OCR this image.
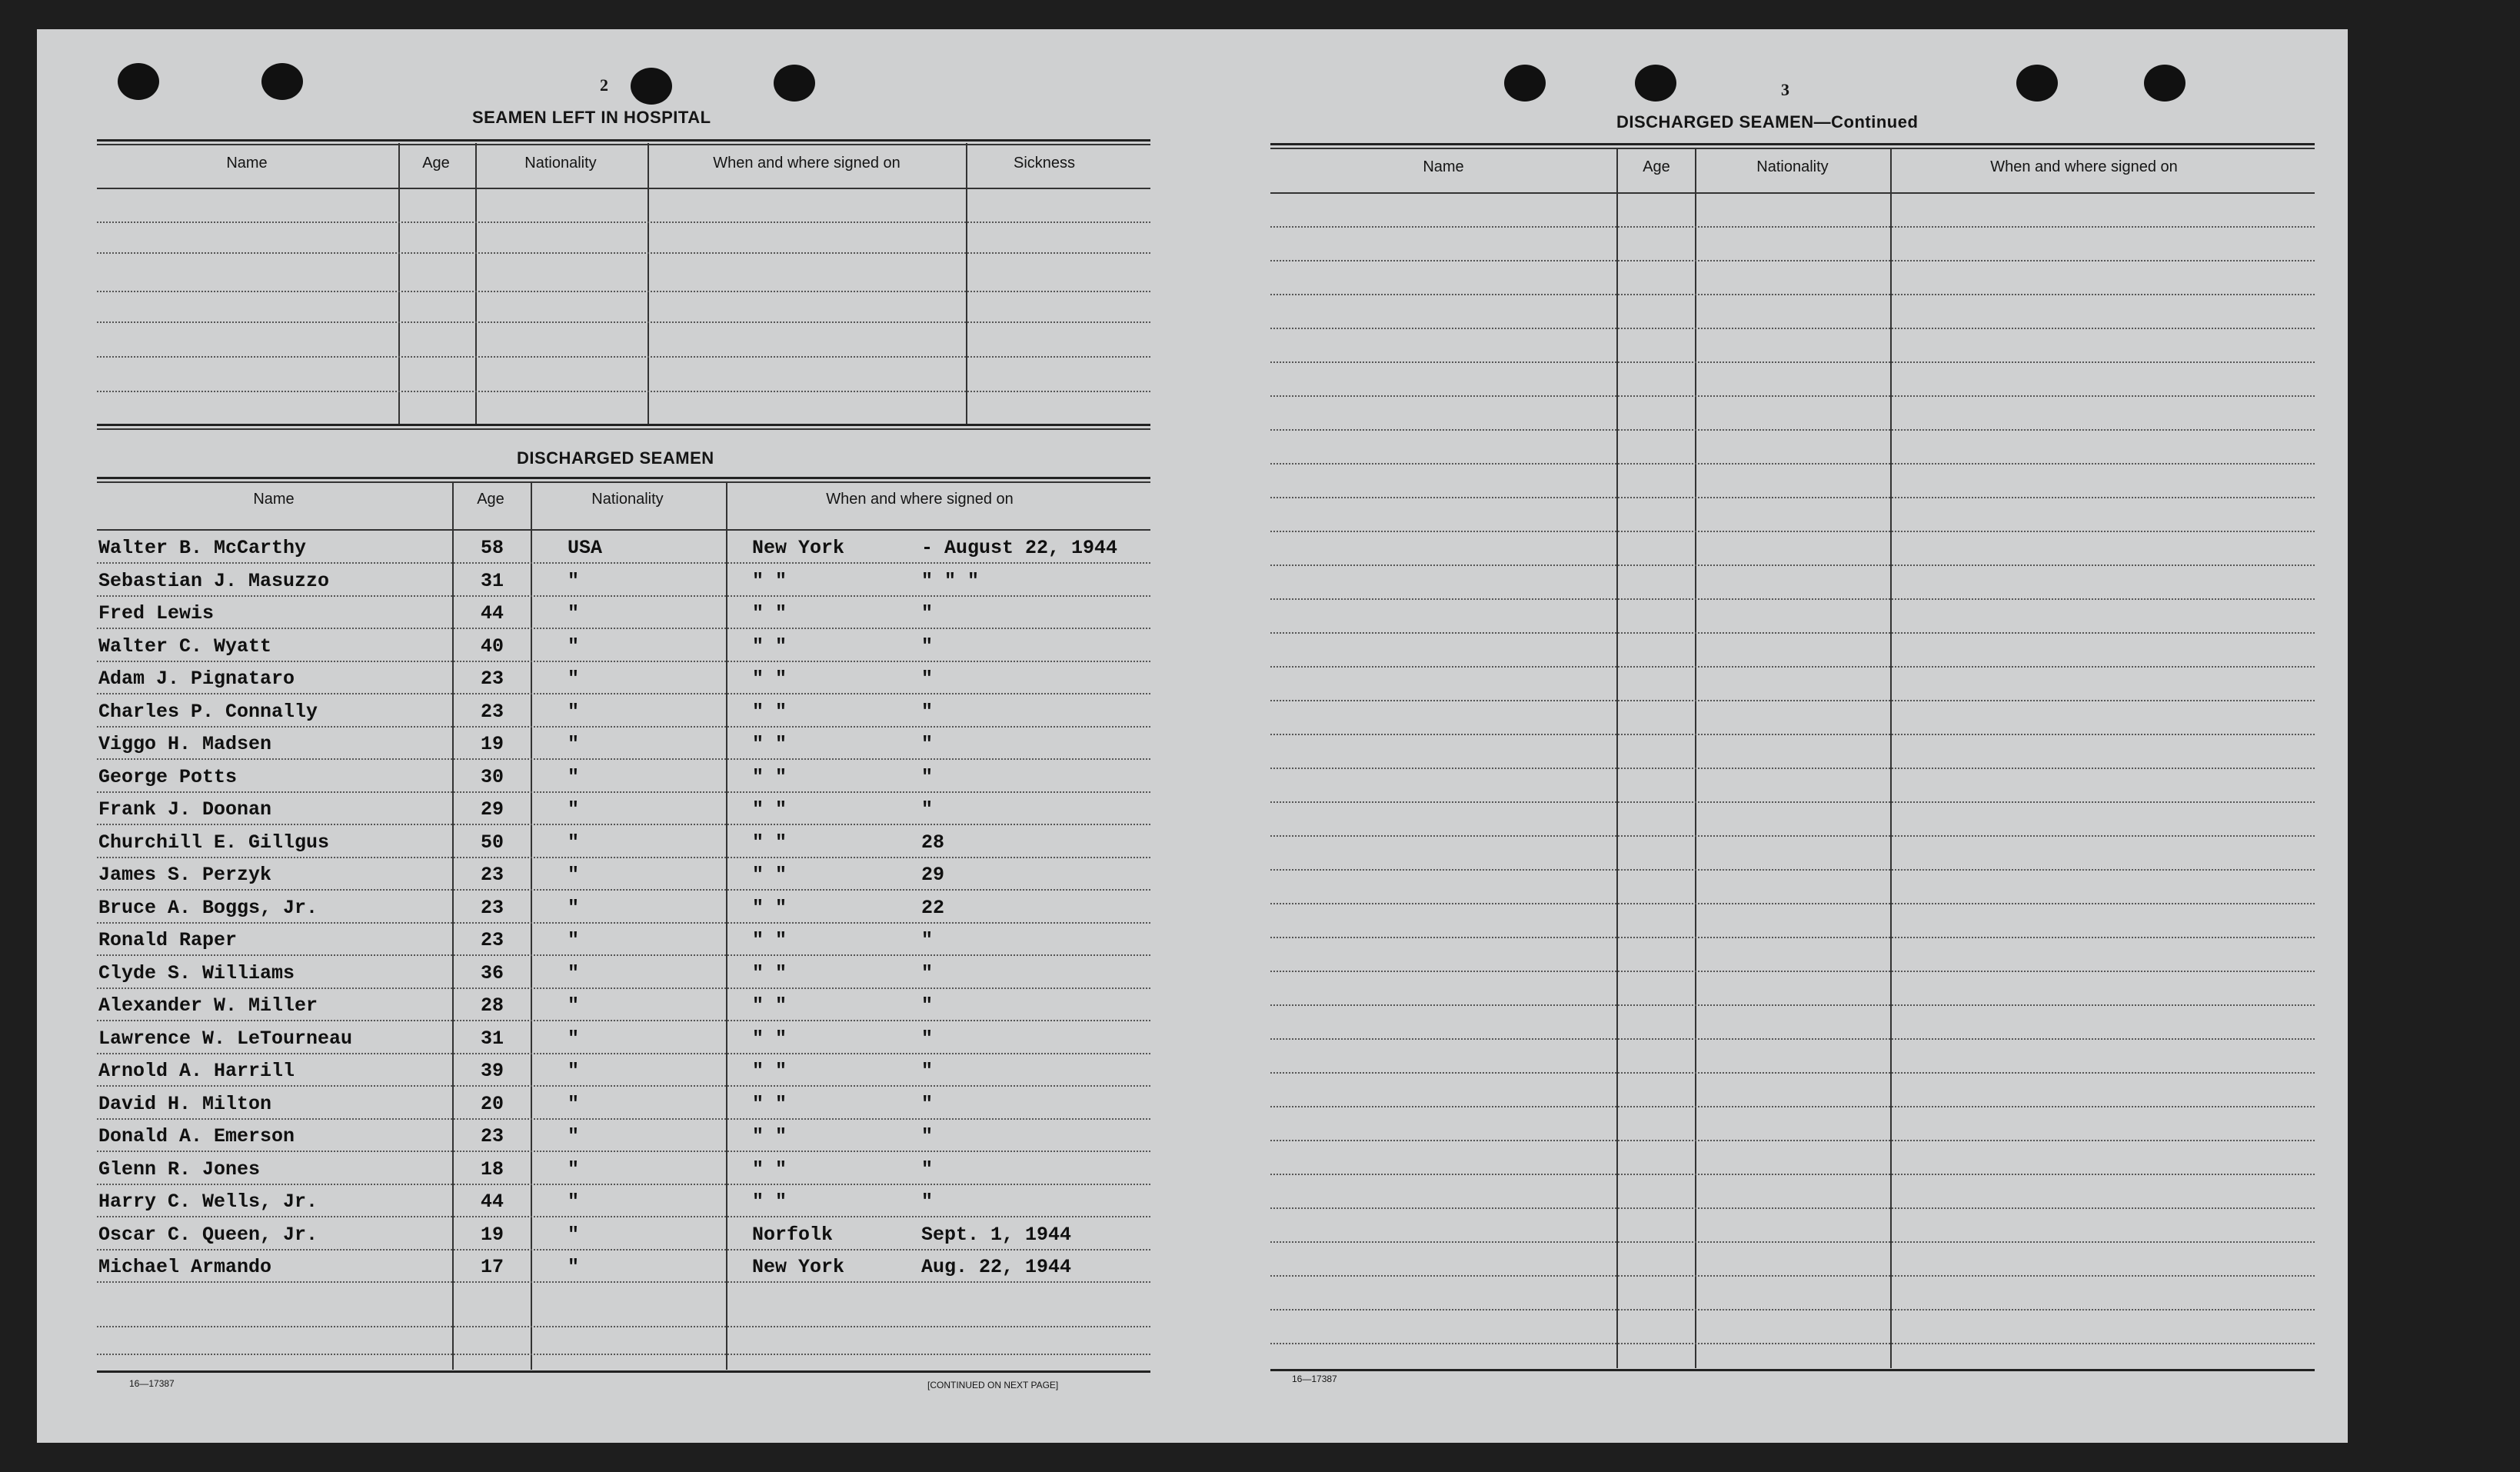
2
SEAMEN LEFT IN HOSPITAL
Name	Age	Nationality	When and where signed on	Sickness
DISCHARGED SEAMEN
Name	Age	Nationality	When and where signed on
Walter B. McCarthy	58	USA	New York	- August 22, 1944
Sebastian J. Masuzzo	31	"	" "	" " "
Fred Lewis	44	"	" "	"
Walter C. Wyatt	40	"	" "	"
Adam J. Pignataro	23	"	" "	"
Charles P. Connally	23	"	" "	"
Viggo H. Madsen	19	"	" "	"
George Potts	30	"	" "	"
Frank J. Doonan	29	"	" "	"
Churchill E. Gillgus	50	"	" "	28
James S. Perzyk	23	"	" "	29
Bruce A. Boggs, Jr.	23	"	" "	22
Ronald Raper	23	"	" "	"
Clyde S. Williams	36	"	" "	"
Alexander W. Miller	28	"	" "	"
Lawrence W. LeTourneau	31	"	" "	"
Arnold A. Harrill	39	"	" "	"
David H. Milton	20	"	" "	"
Donald A. Emerson	23	"	" "	"
Glenn R. Jones	18	"	" "	"
Harry C. Wells, Jr.	44	"	" "	"
Oscar C. Queen, Jr.	19	"	Norfolk	Sept. 1, 1944
Michael Armando	17	"	New York	Aug. 22, 1944
16—17387	[CONTINUED ON NEXT PAGE]
3
DISCHARGED SEAMEN—Continued
Name	Age	Nationality	When and where signed on
16—17387
